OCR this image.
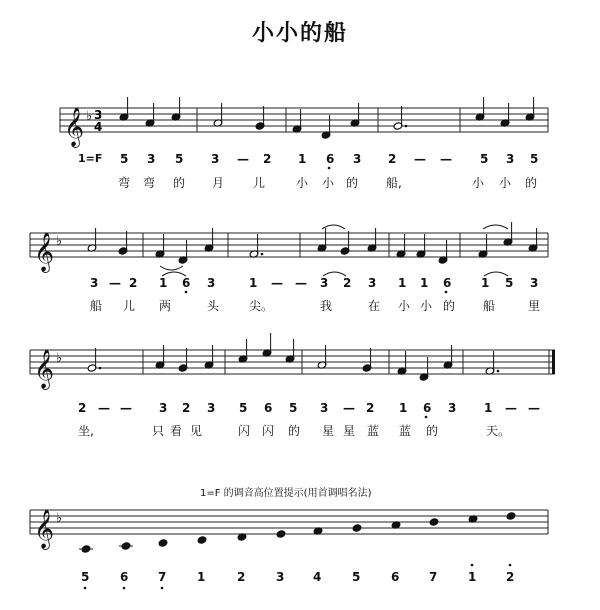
小小的船
𝄞 ♭ 3
4
𝄞 ♭
𝄞 ♭
𝄞 ♭
1=F 5 3 5 3 — 2 1 6 3 2 — — 5 3 5
弯 弯 的 月 儿	小 小 的 船,	小 小 的
3 — 2 1 6 3	1 — — 3 2 3 1 1 6 1 5 3
船 儿 两	头 尖。	我	在 小 小 的 船	里
2 — — 3 2 3 5 6 5 3 — 2 1 6 3 1 — —
坐,	只 看 见	闪 闪 的 星 星 蓝 蓝 的	天。
1=F 的调音高位置提示(用首调唱名法)
5	6 7	1	2	3 4	5	6 7	1 2
